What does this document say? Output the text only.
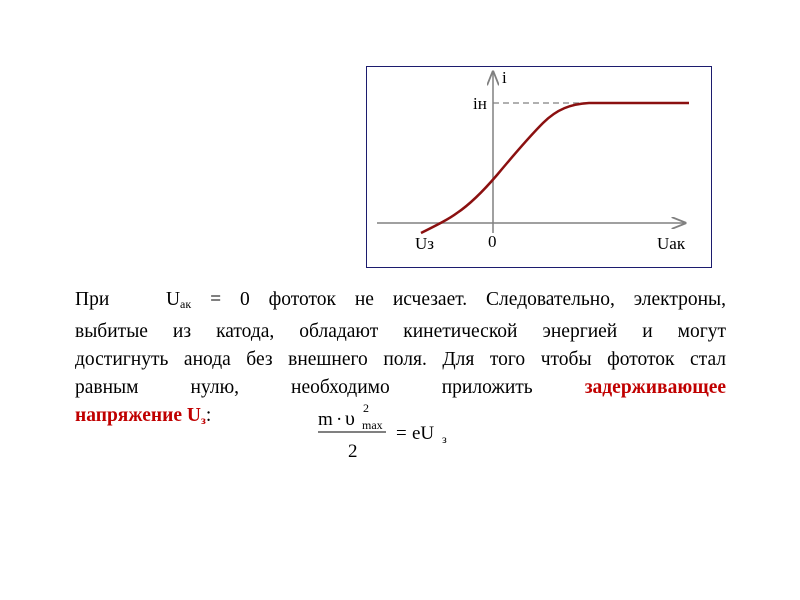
i
iн
Uз	0	Uак
При	$U_{ак} = 0$ фототок не исчезает. Следовательно, электроны,
выбитые из катода, обладают кинетической энергией и могут
достигнуть анода без внешнего поля. Для того чтобы фототок стал
равным нулю, необходимо приложить	задерживающее
напряжение $U_з$:	m · υ 2
max
2
= eU з
